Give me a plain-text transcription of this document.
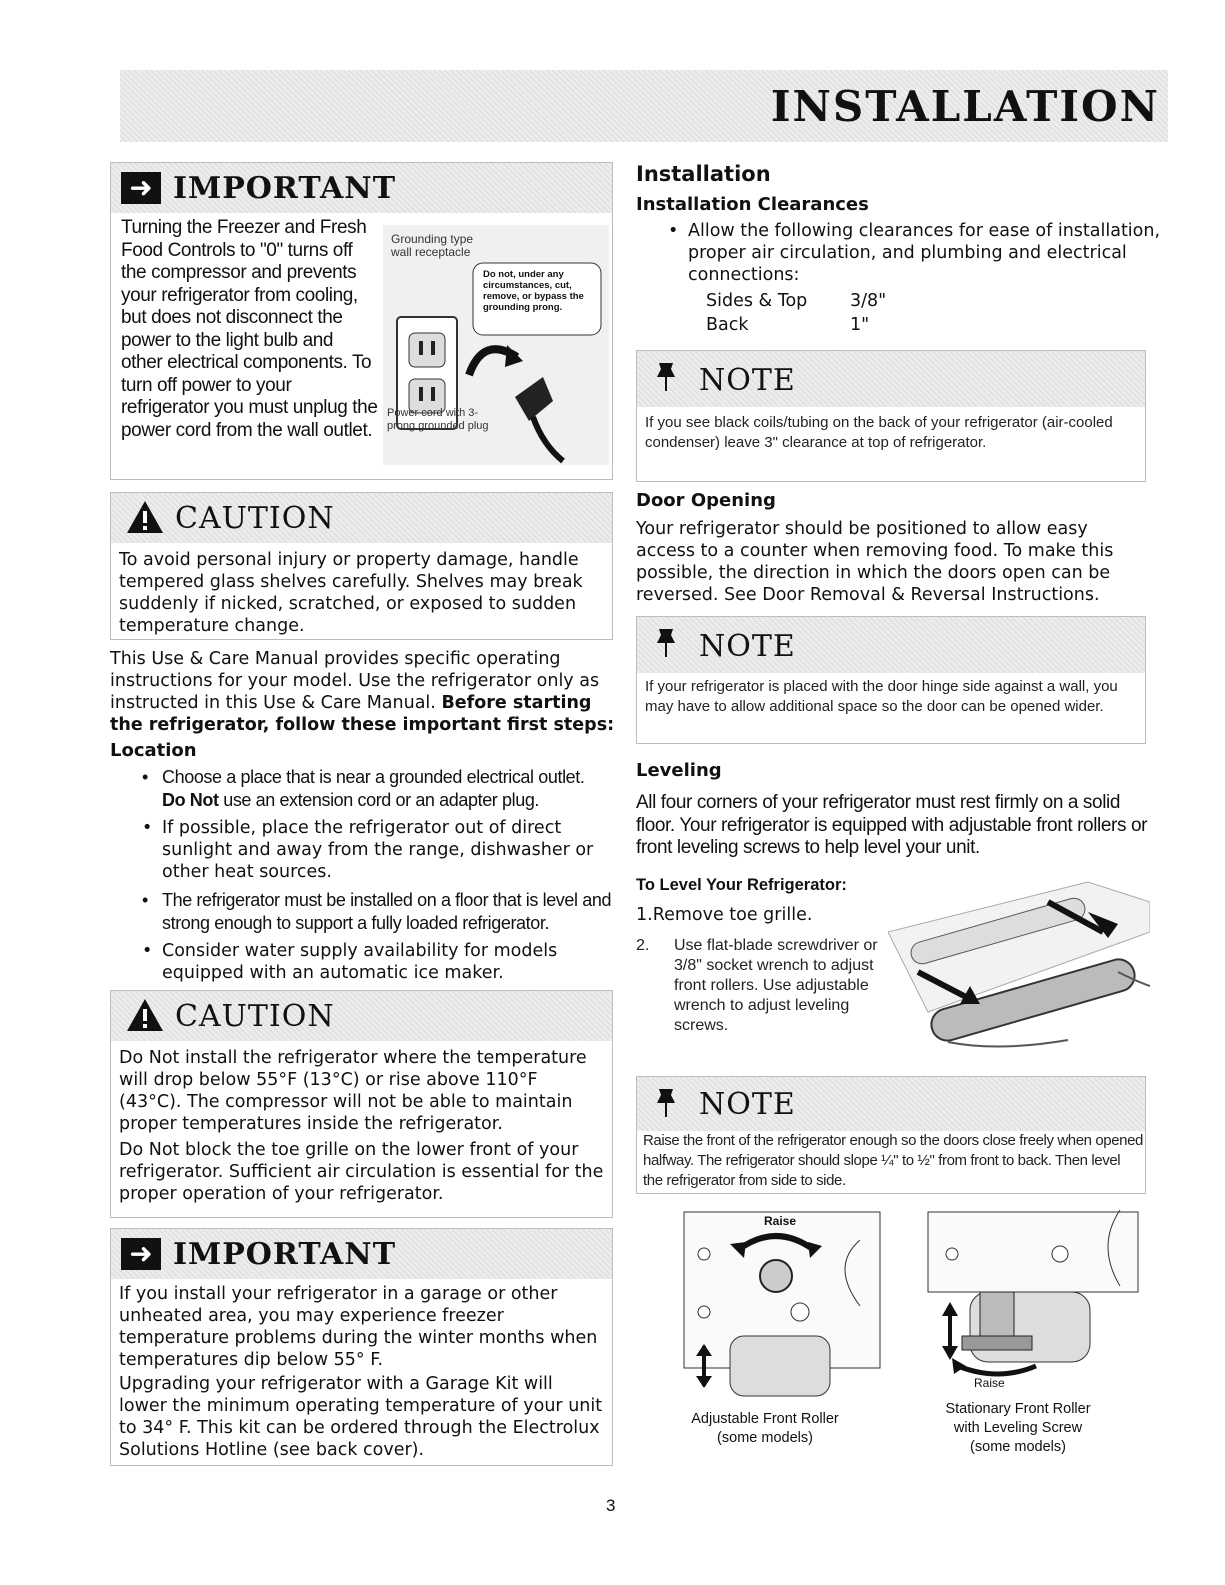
INSTALLATION
➜ IMPORTANT

Turning the Freezer and Fresh Food Controls to "0" turns off the compressor and prevents your refrigerator from cooling, but does not disconnect the power to the light bulb and other electrical components. To turn off power to your refrigerator you must unplug the power cord from the wall outlet.

Grounding type wall receptacle
Do not, under any circumstances, cut, remove, or bypass the grounding prong.
Power cord with 3-prong grounded plug
CAUTION

To avoid personal injury or property damage, handle tempered glass shelves carefully. Shelves may break suddenly if nicked, scratched, or exposed to sudden temperature change.

This Use & Care Manual provides specific operating instructions for your model. Use the refrigerator only as instructed in this Use & Care Manual. Before starting the refrigerator, follow these important first steps:

Location
• Choose a place that is near a grounded electrical outlet.
Do Not use an extension cord or an adapter plug.
• If possible, place the refrigerator out of direct sunlight and away from the range, dishwasher or other heat sources.
• The refrigerator must be installed on a floor that is level and strong enough to support a fully loaded refrigerator.
• Consider water supply availability for models equipped with an automatic ice maker.
CAUTION

Do Not install the refrigerator where the temperature will drop below 55°F (13°C) or rise above 110°F (43°C). The compressor will not be able to maintain proper temperatures inside the refrigerator.

Do Not block the toe grille on the lower front of your refrigerator. Sufficient air circulation is essential for the proper operation of your refrigerator.

➜ IMPORTANT

If you install your refrigerator in a garage or other unheated area, you may experience freezer temperature problems during the winter months when temperatures dip below 55° F.

Upgrading your refrigerator with a Garage Kit will lower the minimum operating temperature of your unit to 34° F. This kit can be ordered through the Electrolux Solutions Hotline (see back cover).

Installation
Installation Clearances
• Allow the following clearances for ease of installation, proper air circulation, and plumbing and electrical connections:
Sides & Top 3/8"
Back	1"
NOTE

If you see black coils/tubing on the back of your refrigerator (air-cooled condenser) leave 3" clearance at top of refrigerator.

Door Opening

Your refrigerator should be positioned to allow easy access to a counter when removing food. To make this possible, the direction in which the doors open can be reversed. See Door Removal & Reversal Instructions.

NOTE

If your refrigerator is placed with the door hinge side against a wall, you may have to allow additional space so the door can be opened wider.

Leveling

All four corners of your refrigerator must rest firmly on a solid floor. Your refrigerator is equipped with adjustable front rollers or front leveling screws to help level your unit.

To Level Your Refrigerator:
1.Remove toe grille.
2. Use flat-blade screwdriver or 3/8" socket wrench to adjust front rollers. Use adjustable wrench to adjust leveling screws.

NOTE

Raise the front of the refrigerator enough so the doors close freely when opened halfway. The refrigerator should slope ¼" to ½" from front to back. Then level the refrigerator from side to side.

Raise
Adjustable Front Roller
(some models)
Raise
Stationary Front Roller
with Leveling Screw
(some models)
3
